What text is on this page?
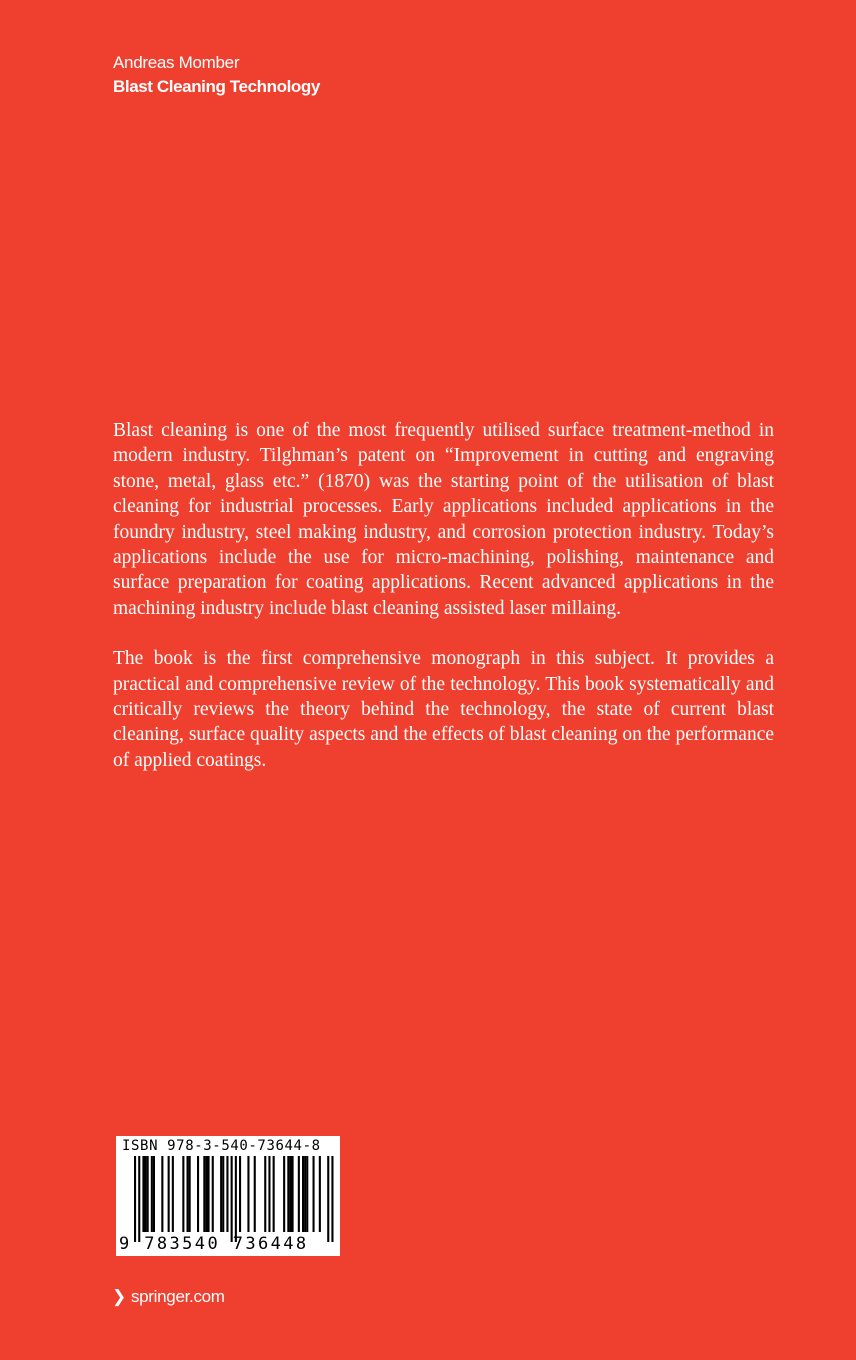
Andreas Momber
Blast Cleaning Technology

Blast cleaning is one of the most frequently utilised surface treatment-method in modern industry. Tilghman’s patent on “Improvement in cutting and engraving stone, metal, glass etc.” (1870) was the starting point of the utilisation of blast cleaning for industrial processes. Early applications included applications in the foundry industry, steel making industry, and corrosion protection industry. Today’s applications include the use for micro-machining, polishing, maintenance and surface preparation for coating applications. Recent advanced applications in the machining industry include blast cleaning assisted laser millaing.

The book is the first comprehensive monograph in this subject. It provides a practical and comprehensive review of the technology. This book systematically and critically reviews the theory behind the technology, the state of current blast cleaning, surface quality aspects and the effects of blast cleaning on the performance of applied coatings.

ISBN 978-3-540-73644-8
9 783540 736448
❯ springer.com
